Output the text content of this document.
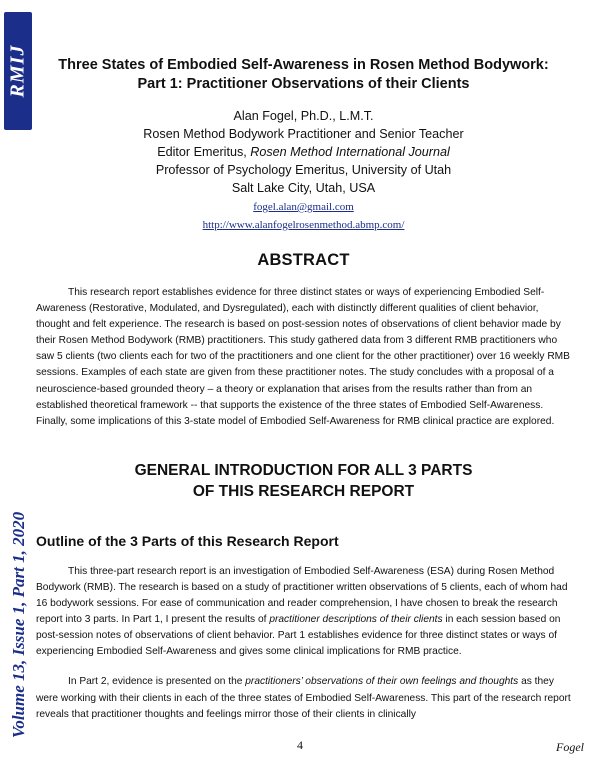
RMIJ
Volume 13, Issue 1, Part 1, 2020
Three States of Embodied Self-Awareness in Rosen Method Bodywork:
Part 1: Practitioner Observations of their Clients
Alan Fogel, Ph.D., L.M.T.
Rosen Method Bodywork Practitioner and Senior Teacher
Editor Emeritus, Rosen Method International Journal
Professor of Psychology Emeritus, University of Utah
Salt Lake City, Utah, USA
fogel.alan@gmail.com
http://www.alanfogelrosenmethod.abmp.com/
ABSTRACT

This research report establishes evidence for three distinct states or ways of experiencing Embodied Self-Awareness (Restorative, Modulated, and Dysregulated), each with distinctly different qualities of client behavior, thought and felt experience. The research is based on post-session notes of observations of client behavior made by their Rosen Method Bodywork (RMB) practitioners. This study gathered data from 3 different RMB practitioners who saw 5 clients (two clients each for two of the practitioners and one client for the other practitioner) over 16 weekly RMB sessions. Examples of each state are given from these practitioner notes. The study concludes with a proposal of a neuroscience-based grounded theory – a theory or explanation that arises from the results rather than from an established theoretical framework -- that supports the existence of the three states of Embodied Self-Awareness. Finally, some implications of this 3-state model of Embodied Self-Awareness for RMB clinical practice are explored.

GENERAL INTRODUCTION FOR ALL 3 PARTS
OF THIS RESEARCH REPORT
Outline of the 3 Parts of this Research Report

This three-part research report is an investigation of Embodied Self-Awareness (ESA) during Rosen Method Bodywork (RMB). The research is based on a study of practitioner written observations of 5 clients, each of whom had 16 bodywork sessions. For ease of communication and reader comprehension, I have chosen to break the research report into 3 parts. In Part 1, I present the results of practitioner descriptions of their clients in each session based on post-session notes of observations of client behavior. Part 1 establishes evidence for three distinct states or ways of experiencing Embodied Self-Awareness and gives some clinical implications for RMB practice.

In Part 2, evidence is presented on the practitioners’ observations of their own feelings and thoughts as they were working with their clients in each of the three states of Embodied Self-Awareness. This part of the research report reveals that practitioner thoughts and feelings mirror those of their clients in clinically

4	Fogel
